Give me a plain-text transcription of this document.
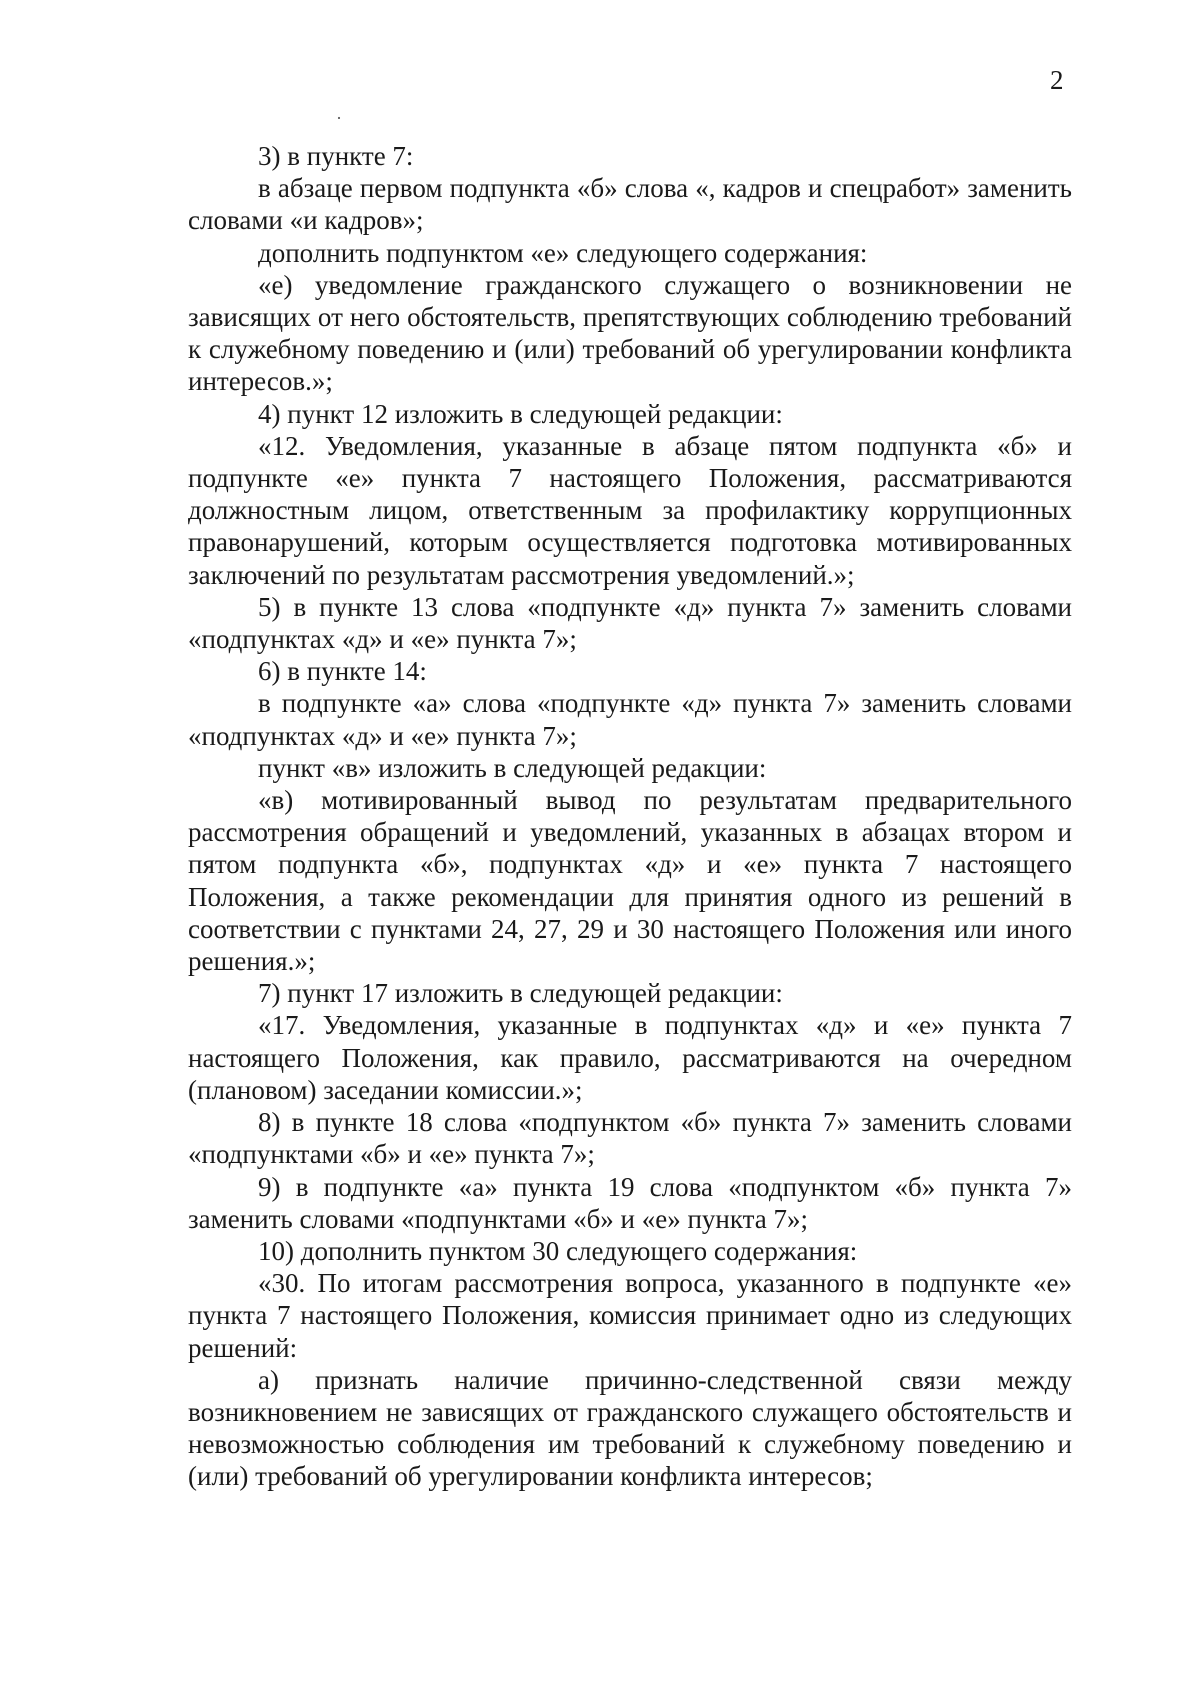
2
·

3) в пункте 7:

в абзаце первом подпункта «б» слова «, кадров и спецработ» заменить словами «и кадров»;

дополнить подпунктом «е» следующего содержания:

«е) уведомление гражданского служащего о возникновении не зависящих от него обстоятельств, препятствующих соблюдению требований к служебному поведению и (или) требований об урегулировании конфликта интересов.»;

4) пункт 12 изложить в следующей редакции:

«12. Уведомления, указанные в абзаце пятом подпункта «б» и подпункте «е» пункта 7 настоящего Положения, рассматриваются должностным лицом, ответственным за профилактику коррупционных правонарушений, которым осуществляется подготовка мотивированных заключений по результатам рассмотрения уведомлений.»;

5) в пункте 13 слова «подпункте «д» пункта 7» заменить словами «подпунктах «д» и «е» пункта 7»;

6) в пункте 14:

в подпункте «а» слова «подпункте «д» пункта 7» заменить словами «подпунктах «д» и «е» пункта 7»;

пункт «в» изложить в следующей редакции:

«в) мотивированный вывод по результатам предварительного рассмотрения обращений и уведомлений, указанных в абзацах втором и пятом подпункта «б», подпунктах «д» и «е» пункта 7 настоящего Положения, а также рекомендации для принятия одного из решений в соответствии с пунктами 24, 27, 29 и 30 настоящего Положения или иного решения.»;

7) пункт 17 изложить в следующей редакции:

«17. Уведомления, указанные в подпунктах «д» и «е» пункта 7 настоящего Положения, как правило, рассматриваются на очередном (плановом) заседании комиссии.»;

8) в пункте 18 слова «подпунктом «б» пункта 7» заменить словами «подпунктами «б» и «е» пункта 7»;

9) в подпункте «а» пункта 19 слова «подпунктом «б» пункта 7» заменить словами «подпунктами «б» и «е» пункта 7»;

10) дополнить пунктом 30 следующего содержания:

«30. По итогам рассмотрения вопроса, указанного в подпункте «е» пункта 7 настоящего Положения, комиссия принимает одно из следующих решений:

а) признать наличие причинно-следственной связи между возникновением не зависящих от гражданского служащего обстоятельств и невозможностью соблюдения им требований к служебному поведению и (или) требований об урегулировании конфликта интересов;
